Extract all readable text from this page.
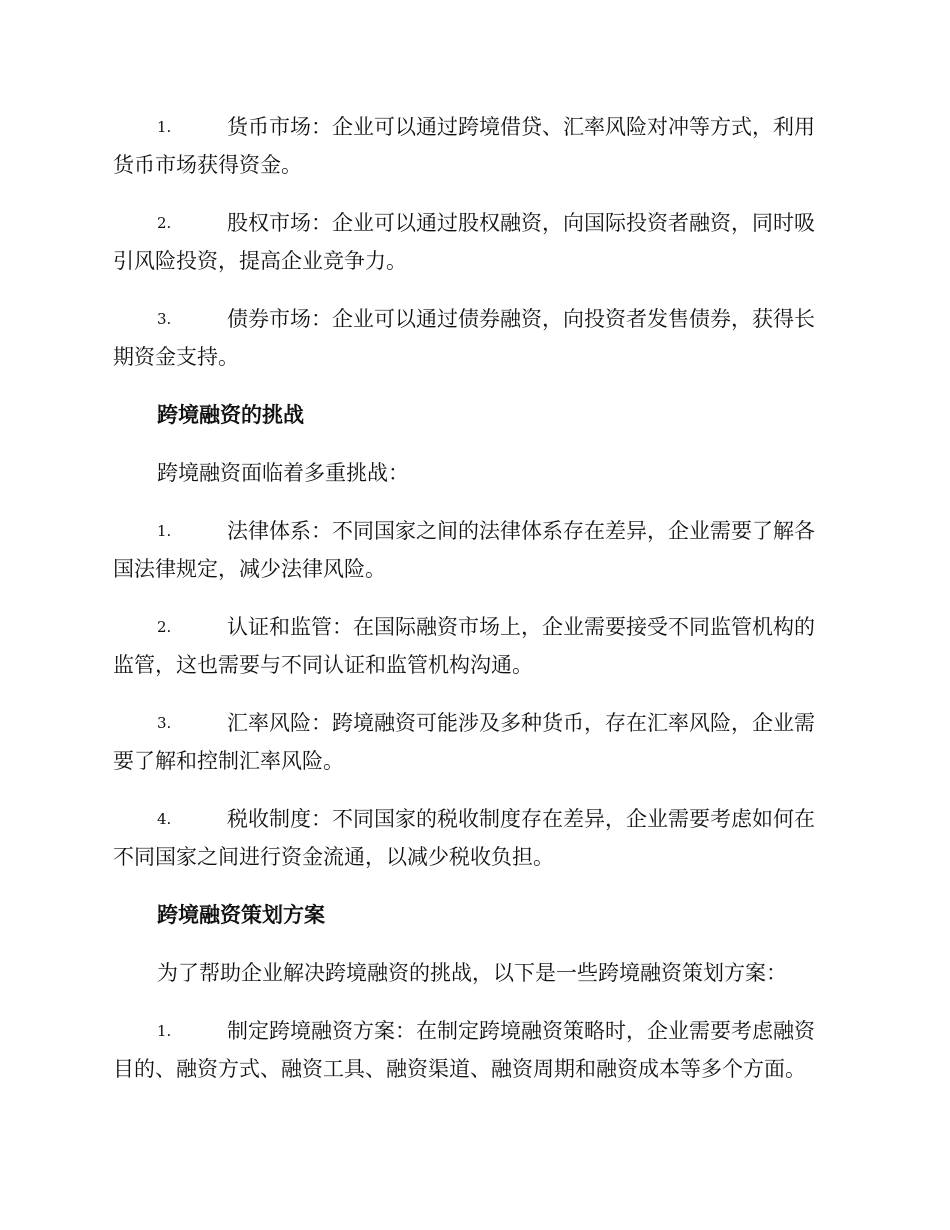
1.	货币市场：企业可以通过跨境借贷、汇率风险对冲等方式，利用货币市场获得资金。
2.	股权市场：企业可以通过股权融资，向国际投资者融资，同时吸引风险投资，提高企业竞争力。
3.	债券市场：企业可以通过债券融资，向投资者发售债券，获得长期资金支持。
跨境融资的挑战
跨境融资面临着多重挑战：
1.	法律体系：不同国家之间的法律体系存在差异，企业需要了解各国法律规定，减少法律风险。
2.	认证和监管：在国际融资市场上，企业需要接受不同监管机构的监管，这也需要与不同认证和监管机构沟通。
3.	汇率风险：跨境融资可能涉及多种货币，存在汇率风险，企业需要了解和控制汇率风险。
4.	税收制度：不同国家的税收制度存在差异，企业需要考虑如何在不同国家之间进行资金流通，以减少税收负担。
跨境融资策划方案
为了帮助企业解决跨境融资的挑战，以下是一些跨境融资策划方案：
1.	制定跨境融资方案：在制定跨境融资策略时，企业需要考虑融资目的、融资方式、融资工具、融资渠道、融资周期和融资成本等多个方面。
